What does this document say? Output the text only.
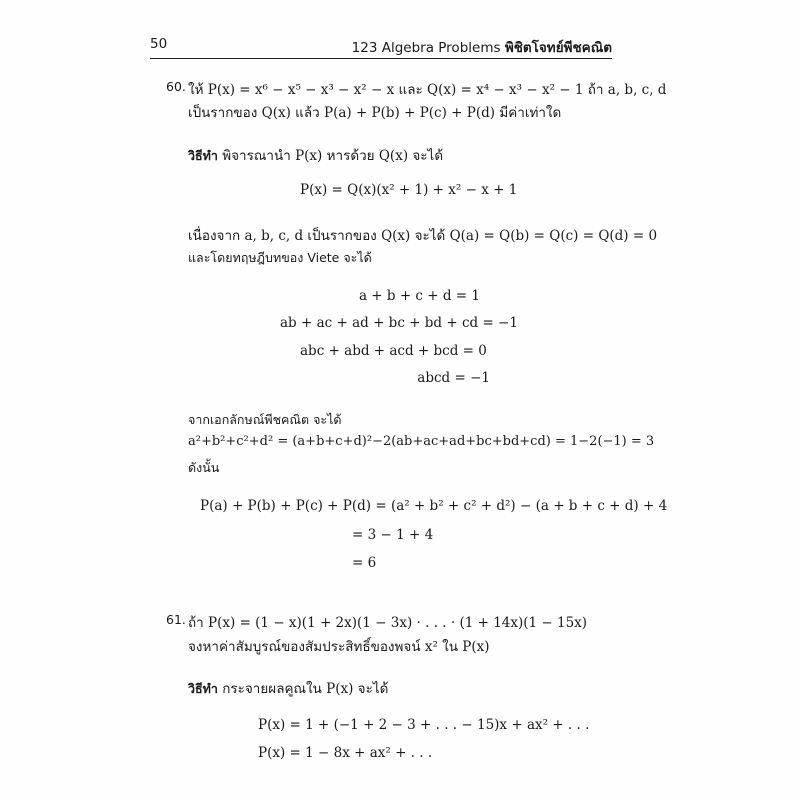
50	123 Algebra Problems พิชิตโจทย์พีชคณิต
60. ให้ P(x) = x⁶ − x⁵ − x³ − x² − x และ Q(x) = x⁴ − x³ − x² − 1 ถ้า a, b, c, d
เป็นรากของ Q(x) แล้ว P(a) + P(b) + P(c) + P(d) มีค่าเท่าใด
วิธีทำ พิจารณานำ P(x) หารด้วย Q(x) จะได้
P(x) = Q(x)(x² + 1) + x² − x + 1
เนื่องจาก a, b, c, d เป็นรากของ Q(x) จะได้ Q(a) = Q(b) = Q(c) = Q(d) = 0
และโดยทฤษฎีบทของ Viete จะได้
a + b + c + d = 1
ab + ac + ad + bc + bd + cd = −1
abc + abd + acd + bcd = 0
abcd = −1
จากเอกลักษณ์พีชคณิต จะได้
a²+b²+c²+d² = (a+b+c+d)²−2(ab+ac+ad+bc+bd+cd) = 1−2(−1) = 3
ดังนั้น
P(a) + P(b) + P(c) + P(d) = (a² + b² + c² + d²) − (a + b + c + d) + 4
= 3 − 1 + 4
= 6
61. ถ้า P(x) = (1 − x)(1 + 2x)(1 − 3x) · . . . · (1 + 14x)(1 − 15x)
จงหาค่าสัมบูรณ์ของสัมประสิทธิ์ของพจน์ x² ใน P(x)
วิธีทำ กระจายผลคูณใน P(x) จะได้
P(x) = 1 + (−1 + 2 − 3 + . . . − 15)x + ax² + . . .
P(x) = 1 − 8x + ax² + . . .
